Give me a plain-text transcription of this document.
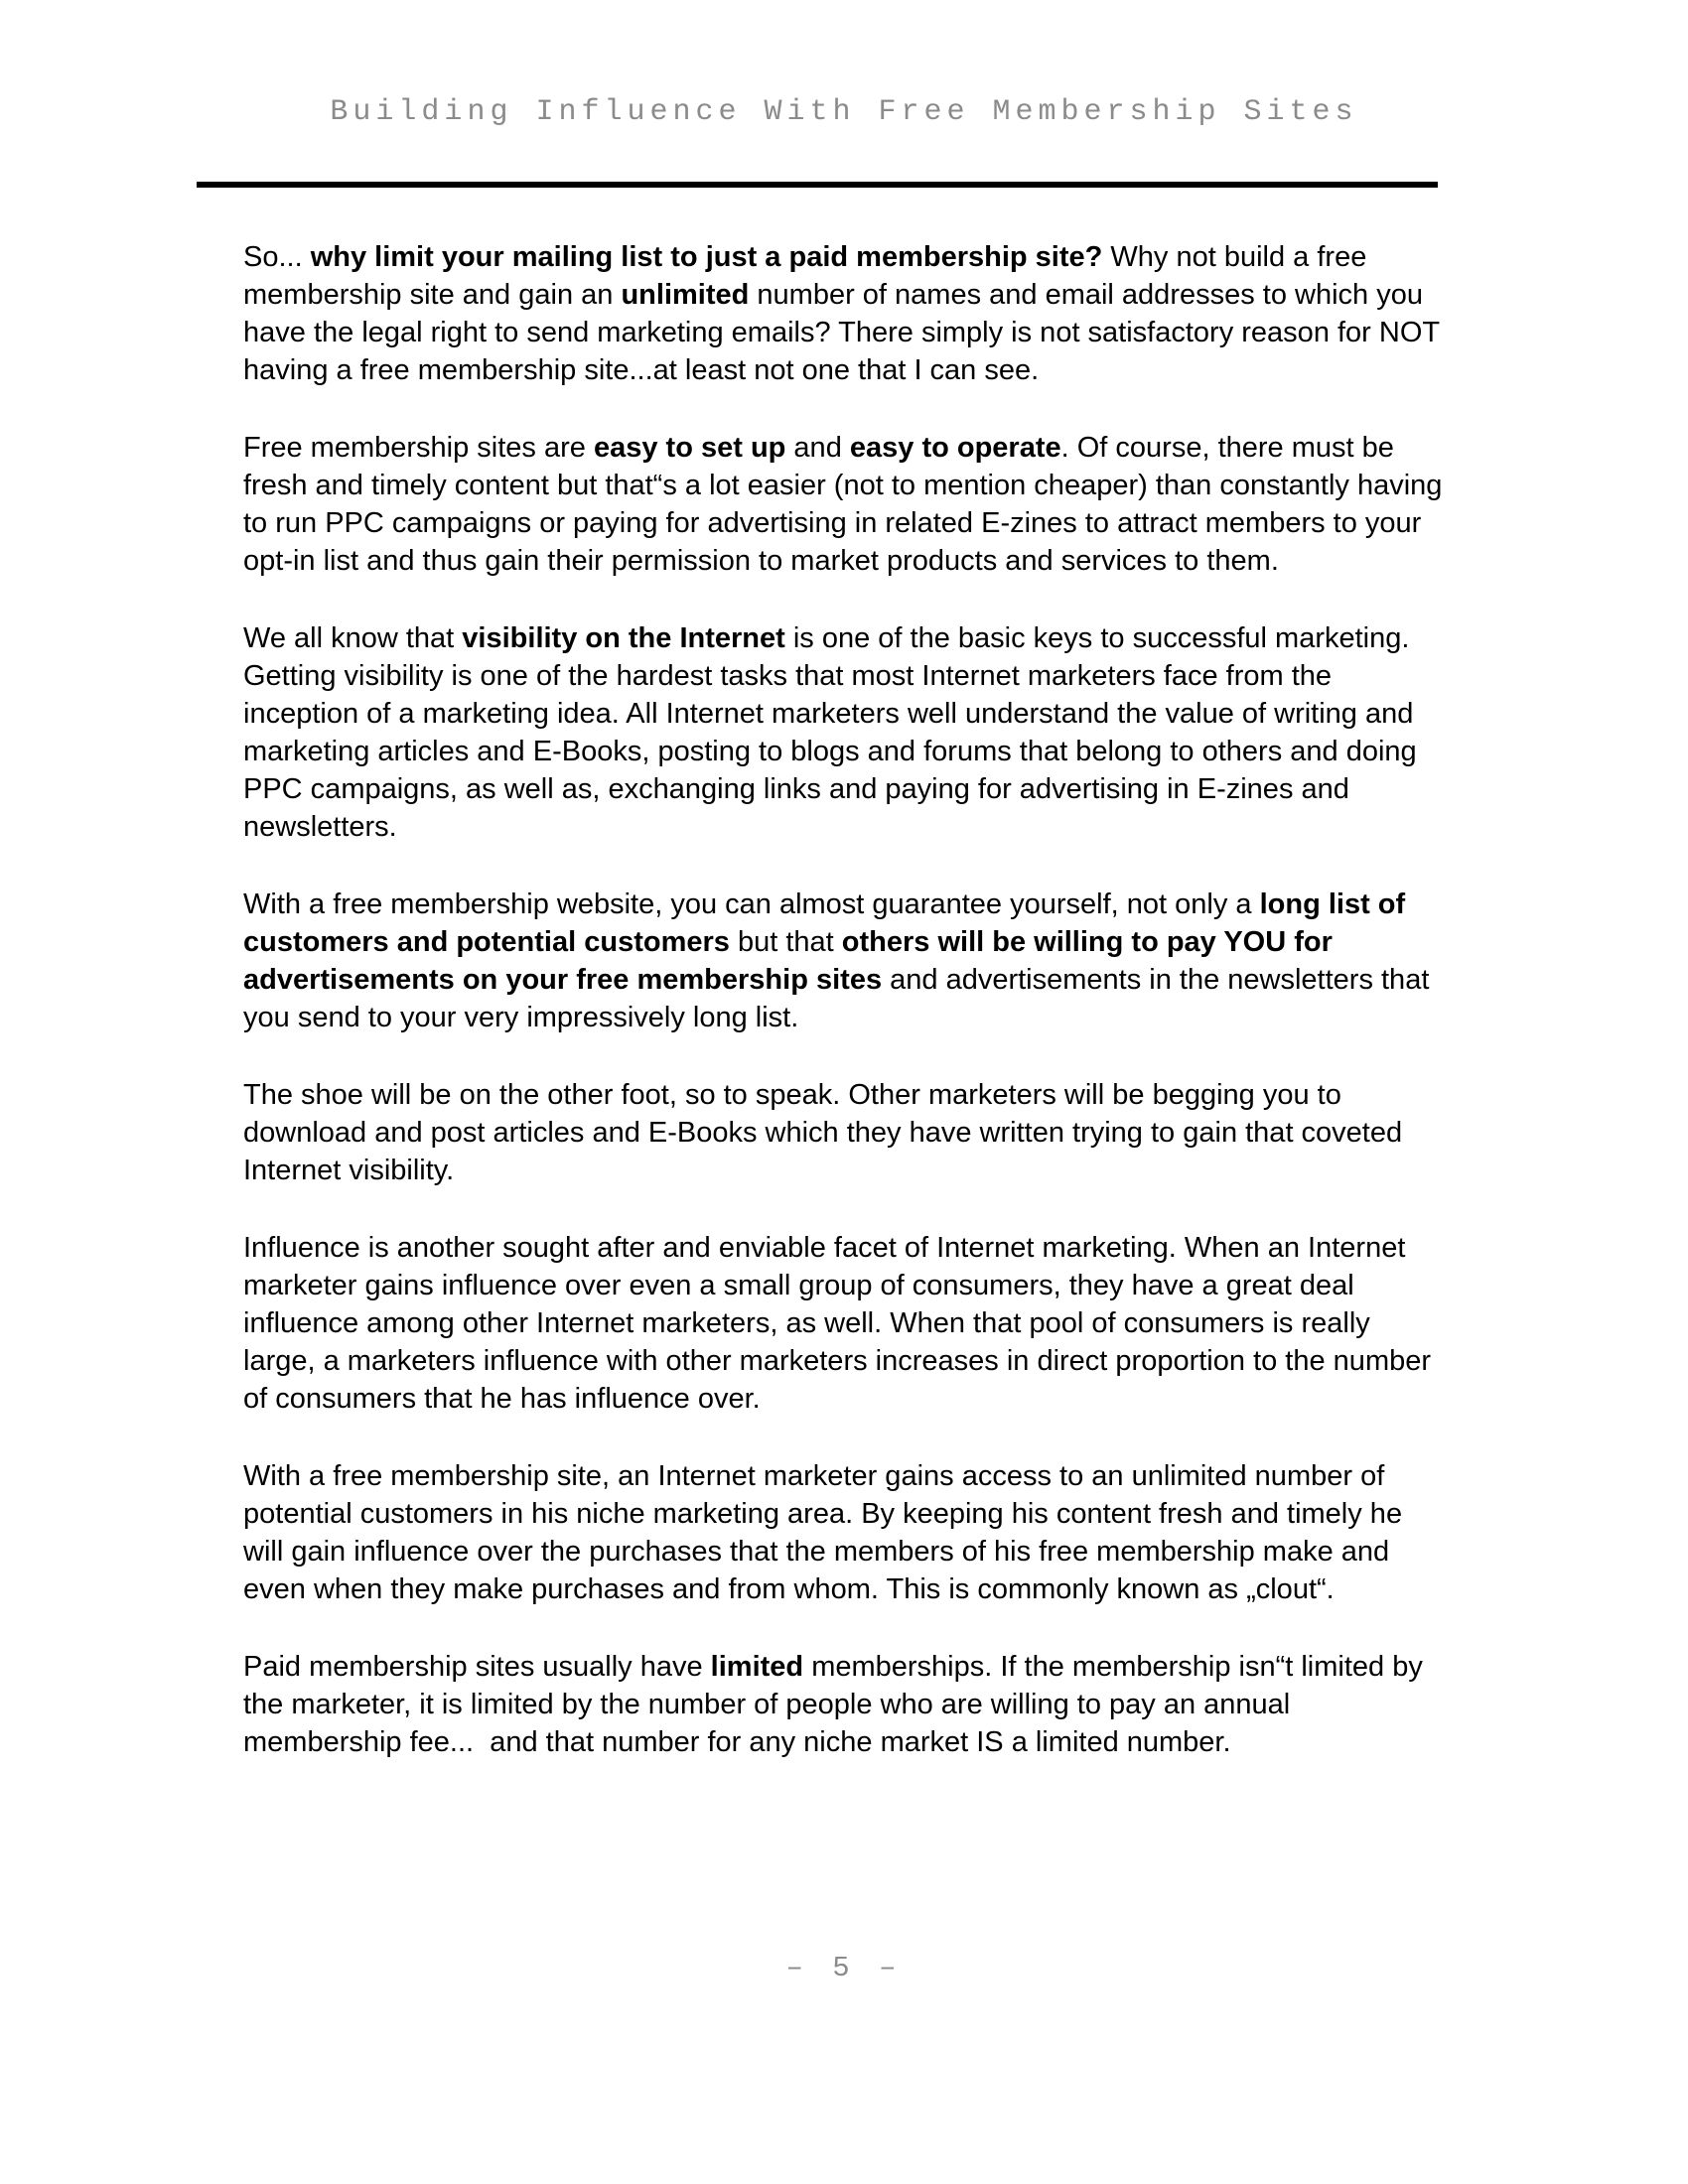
Building Influence With Free Membership Sites

So... why limit your mailing list to just a paid membership site? Why not build a free membership site and gain an unlimited number of names and email addresses to which you have the legal right to send marketing emails? There simply is not satisfactory reason for NOT having a free membership site...at least not one that I can see.

Free membership sites are easy to set up and easy to operate. Of course, there must be fresh and timely content but that“s a lot easier (not to mention cheaper) than constantly having to run PPC campaigns or paying for advertising in related E-zines to attract members to your opt-in list and thus gain their permission to market products and services to them.

We all know that visibility on the Internet is one of the basic keys to successful marketing. Getting visibility is one of the hardest tasks that most Internet marketers face from the inception of a marketing idea. All Internet marketers well understand the value of writing and marketing articles and E-Books, posting to blogs and forums that belong to others and doing PPC campaigns, as well as, exchanging links and paying for advertising in E-zines and newsletters.

With a free membership website, you can almost guarantee yourself, not only a long list of customers and potential customers but that others will be willing to pay YOU for advertisements on your free membership sites and advertisements in the newsletters that you send to your very impressively long list.

The shoe will be on the other foot, so to speak. Other marketers will be begging you to download and post articles and E-Books which they have written trying to gain that coveted Internet visibility.

Influence is another sought after and enviable facet of Internet marketing. When an Internet marketer gains influence over even a small group of consumers, they have a great deal influence among other Internet marketers, as well. When that pool of consumers is really large, a marketers influence with other marketers increases in direct proportion to the number of consumers that he has influence over.

With a free membership site, an Internet marketer gains access to an unlimited number of potential customers in his niche marketing area. By keeping his content fresh and timely he will gain influence over the purchases that the members of his free membership make and even when they make purchases and from whom. This is commonly known as „clout“.

Paid membership sites usually have limited memberships. If the membership isn“t limited by the marketer, it is limited by the number of people who are willing to pay an annual membership fee...  and that number for any niche market IS a limited number.

– 5 –
